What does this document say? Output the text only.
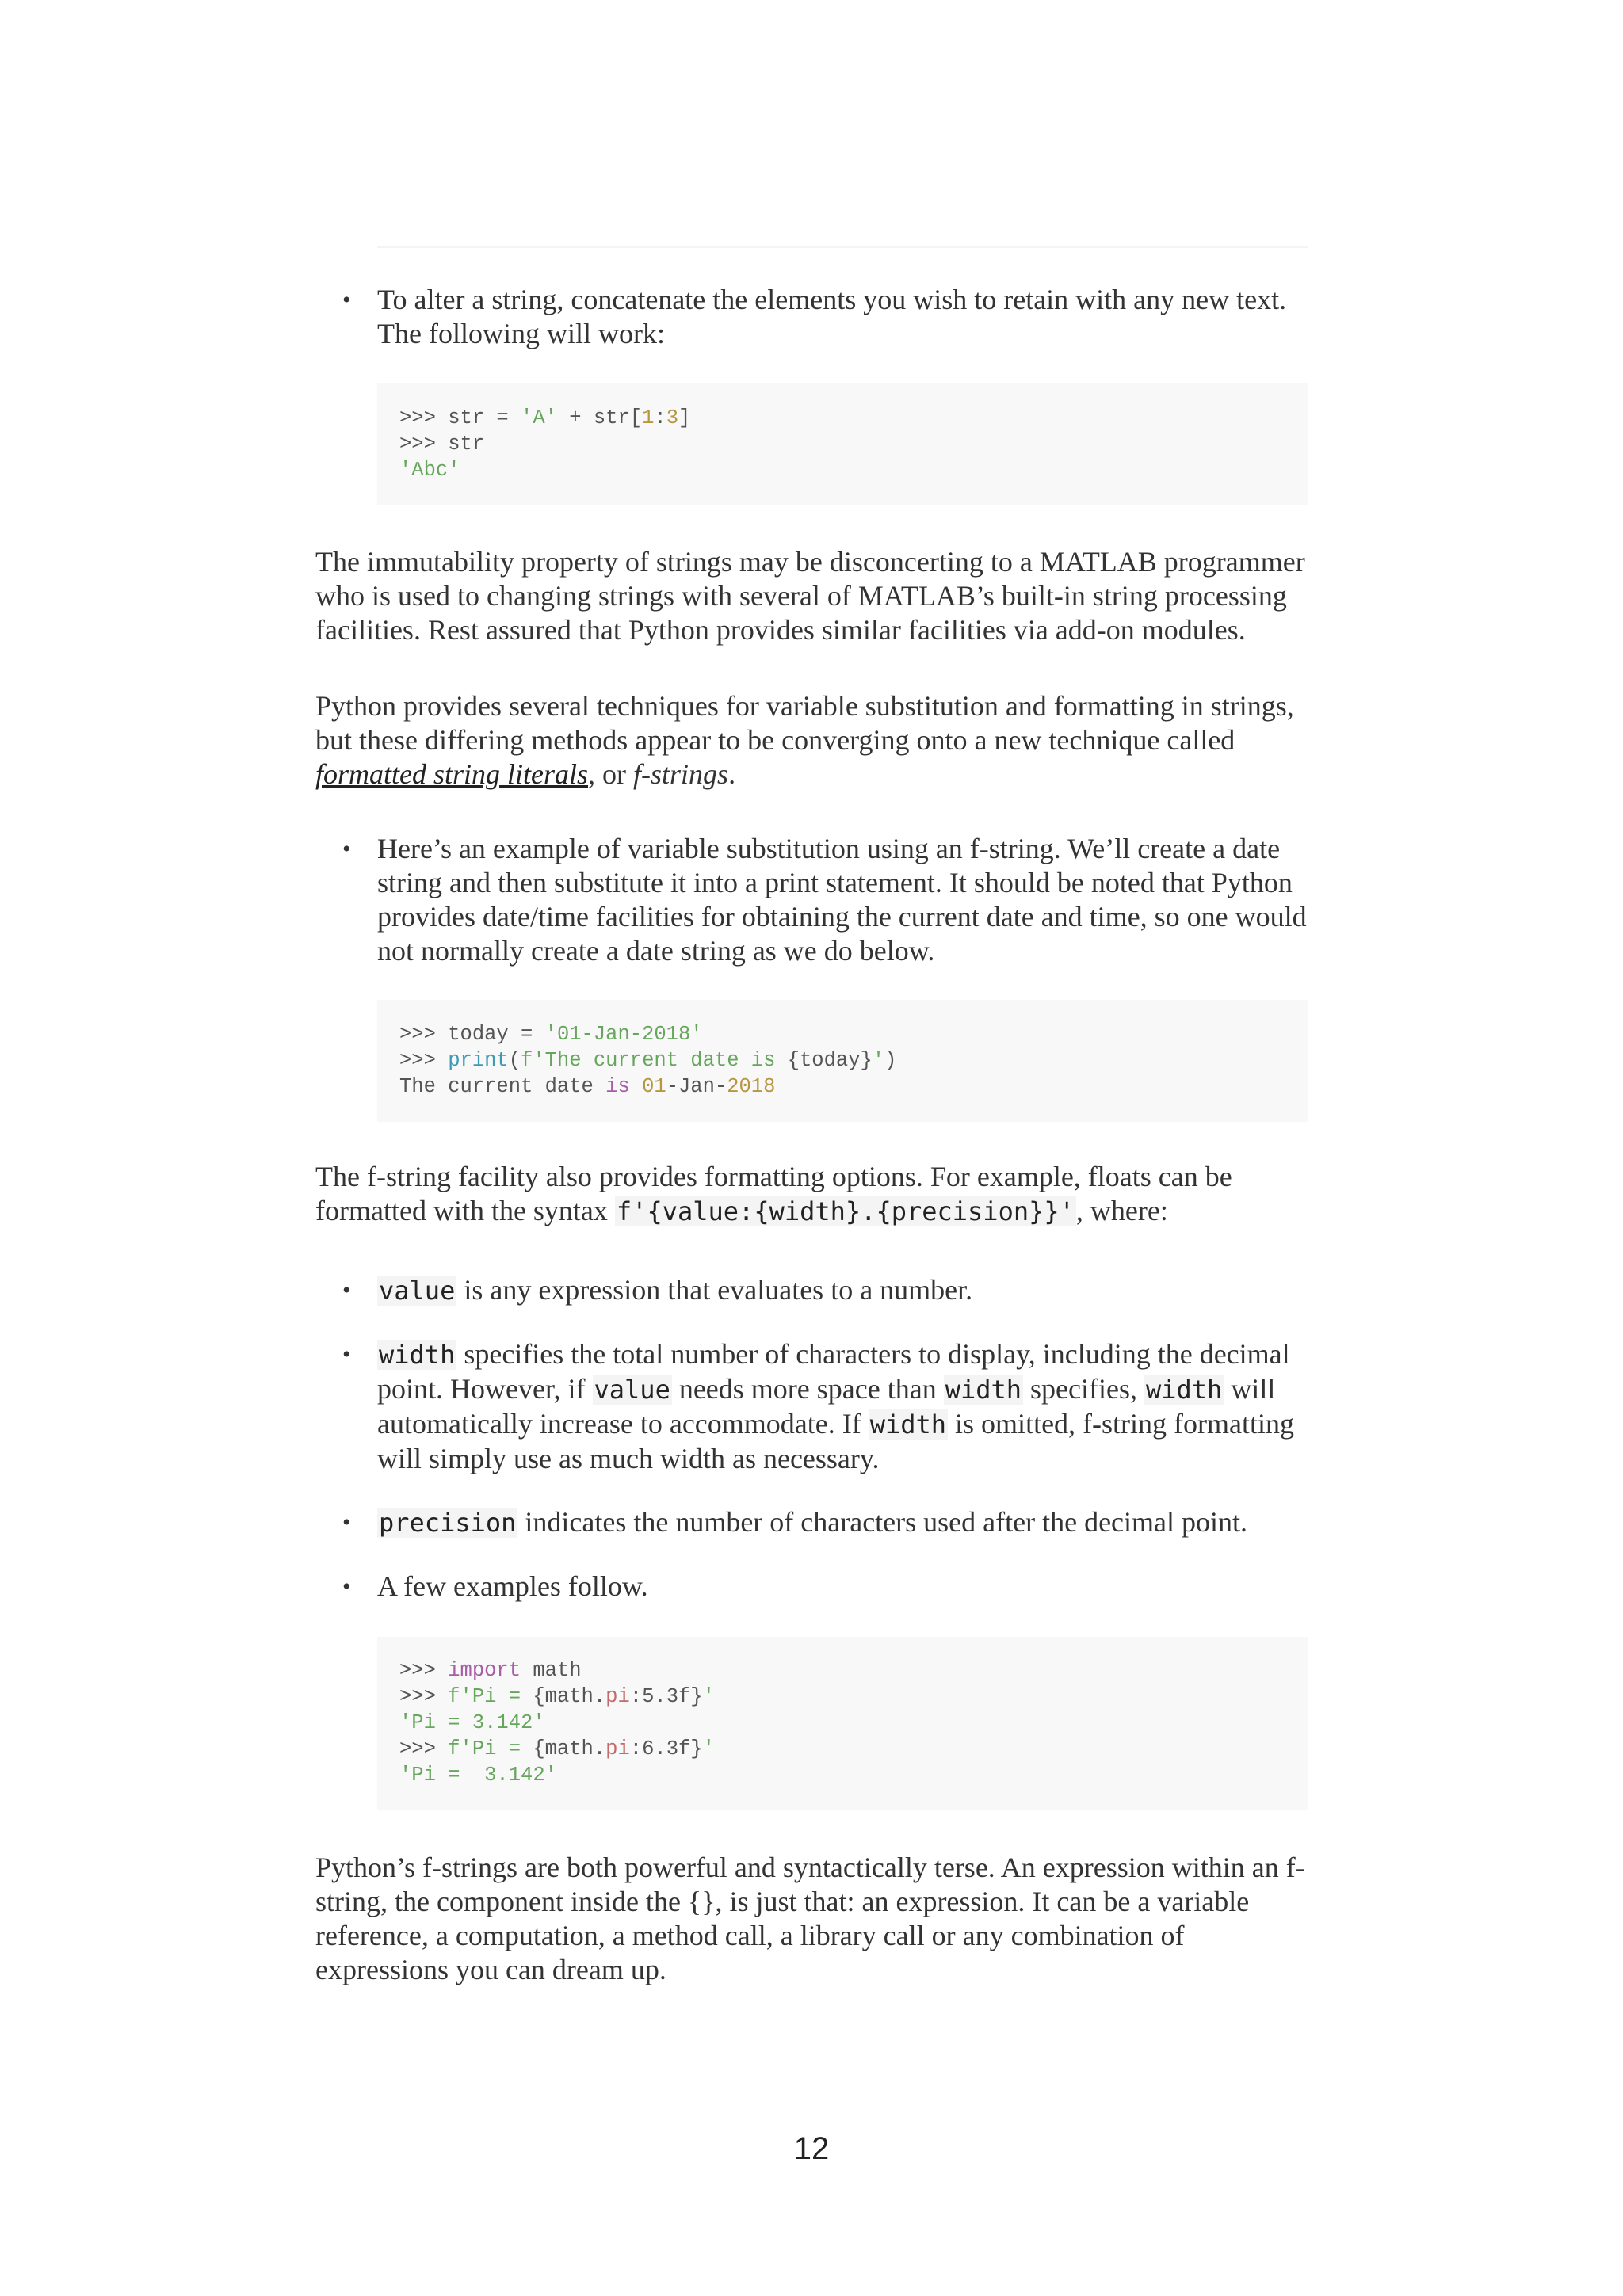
• To alter a string, concatenate the elements you wish to retain with any new text. The following will work:
>>> str = 'A' + str[1:3]
>>> str
'Abc'
The immutability property of strings may be disconcerting to a MATLAB programmer who is used to changing strings with several of MATLAB’s built-in string processing facilities. Rest assured that Python provides similar facilities via add-on modules.
Python provides several techniques for variable substitution and formatting in strings, but these differing methods appear to be converging onto a new technique called formatted string literals, or f-strings.
• Here’s an example of variable substitution using an f-string. We’ll create a date string and then substitute it into a print statement. It should be noted that Python provides date/time facilities for obtaining the current date and time, so one would not normally create a date string as we do below.
>>> today = '01-Jan-2018'
>>> print(f'The current date is {today}')
The current date is 01-Jan-2018
The f-string facility also provides formatting options. For example, floats can be formatted with the syntax f'{value:{width}.{precision}}', where:
•	value is any expression that evaluates to a number.
•	width specifies the total number of characters to display, including the decimal point. However, if value needs more space than width specifies, width will automatically increase to accommodate. If width is omitted, f-string formatting will simply use as much width as necessary.
•	precision indicates the number of characters used after the decimal point.
• A few examples follow.
>>> import math
>>> f'Pi = {math.pi:5.3f}'
'Pi = 3.142'
>>> f'Pi = {math.pi:6.3f}'
'Pi =  3.142'
Python’s f-strings are both powerful and syntactically terse. An expression within an f-string, the component inside the {}, is just that: an expression. It can be a variable reference, a computation, a method call, a library call or any combination of expressions you can dream up.
12
